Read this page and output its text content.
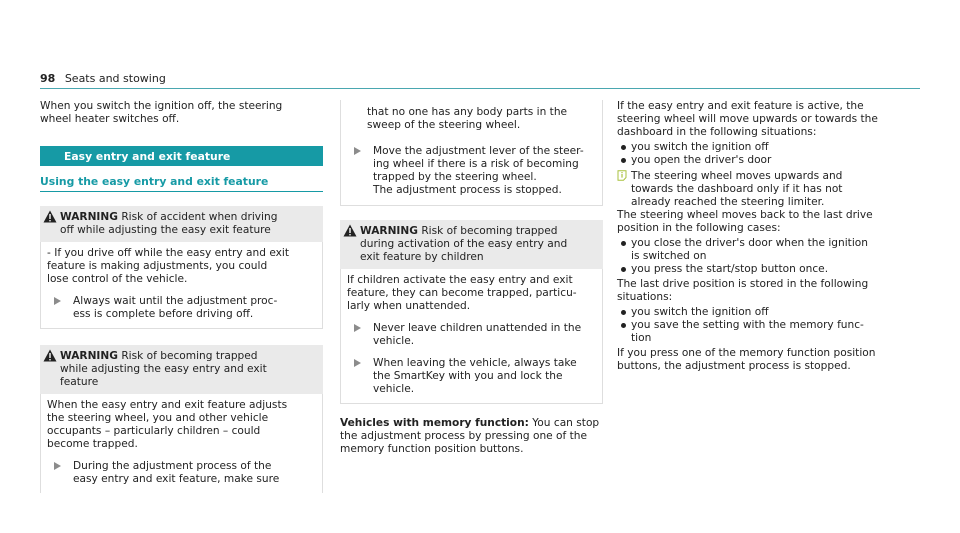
98 Seats and stowing

When you switch the ignition off, the steering
wheel heater switches off.

Easy entry and exit feature
Using the easy entry and exit feature
WARNING Risk of accident when driving
off while adjusting the easy exit feature

- If you drive off while the easy entry and exit
feature is making adjustments, you could
lose control of the vehicle.

Always wait until the adjustment proc-
ess is complete before driving off.
WARNING Risk of becoming trapped
while adjusting the easy entry and exit
feature

When the easy entry and exit feature adjusts
the steering wheel, you and other vehicle
occupants – particularly children – could
become trapped.

During the adjustment process of the
easy entry and exit feature, make sure
that no one has any body parts in the
sweep of the steering wheel.
Move the adjustment lever of the steer-
ing wheel if there is a risk of becoming
trapped by the steering wheel.
The adjustment process is stopped.
WARNING Risk of becoming trapped
during activation of the easy entry and
exit feature by children

If children activate the easy entry and exit
feature, they can become trapped, particu-
larly when unattended.

Never leave children unattended in the
vehicle.
When leaving the vehicle, always take
the SmartKey with you and lock the
vehicle.

Vehicles with memory function: You can stop
the adjustment process by pressing one of the
memory function position buttons.

If the easy entry and exit feature is active, the
steering wheel will move upwards or towards the
dashboard in the following situations:

you switch the ignition off
you open the driver's door
The steering wheel moves upwards and
towards the dashboard only if it has not
already reached the steering limiter.

The steering wheel moves back to the last drive
position in the following cases:

you close the driver's door when the ignition
is switched on
you press the start/stop button once.

The last drive position is stored in the following
situations:

you switch the ignition off
you save the setting with the memory func-
tion

If you press one of the memory function position
buttons, the adjustment process is stopped.
